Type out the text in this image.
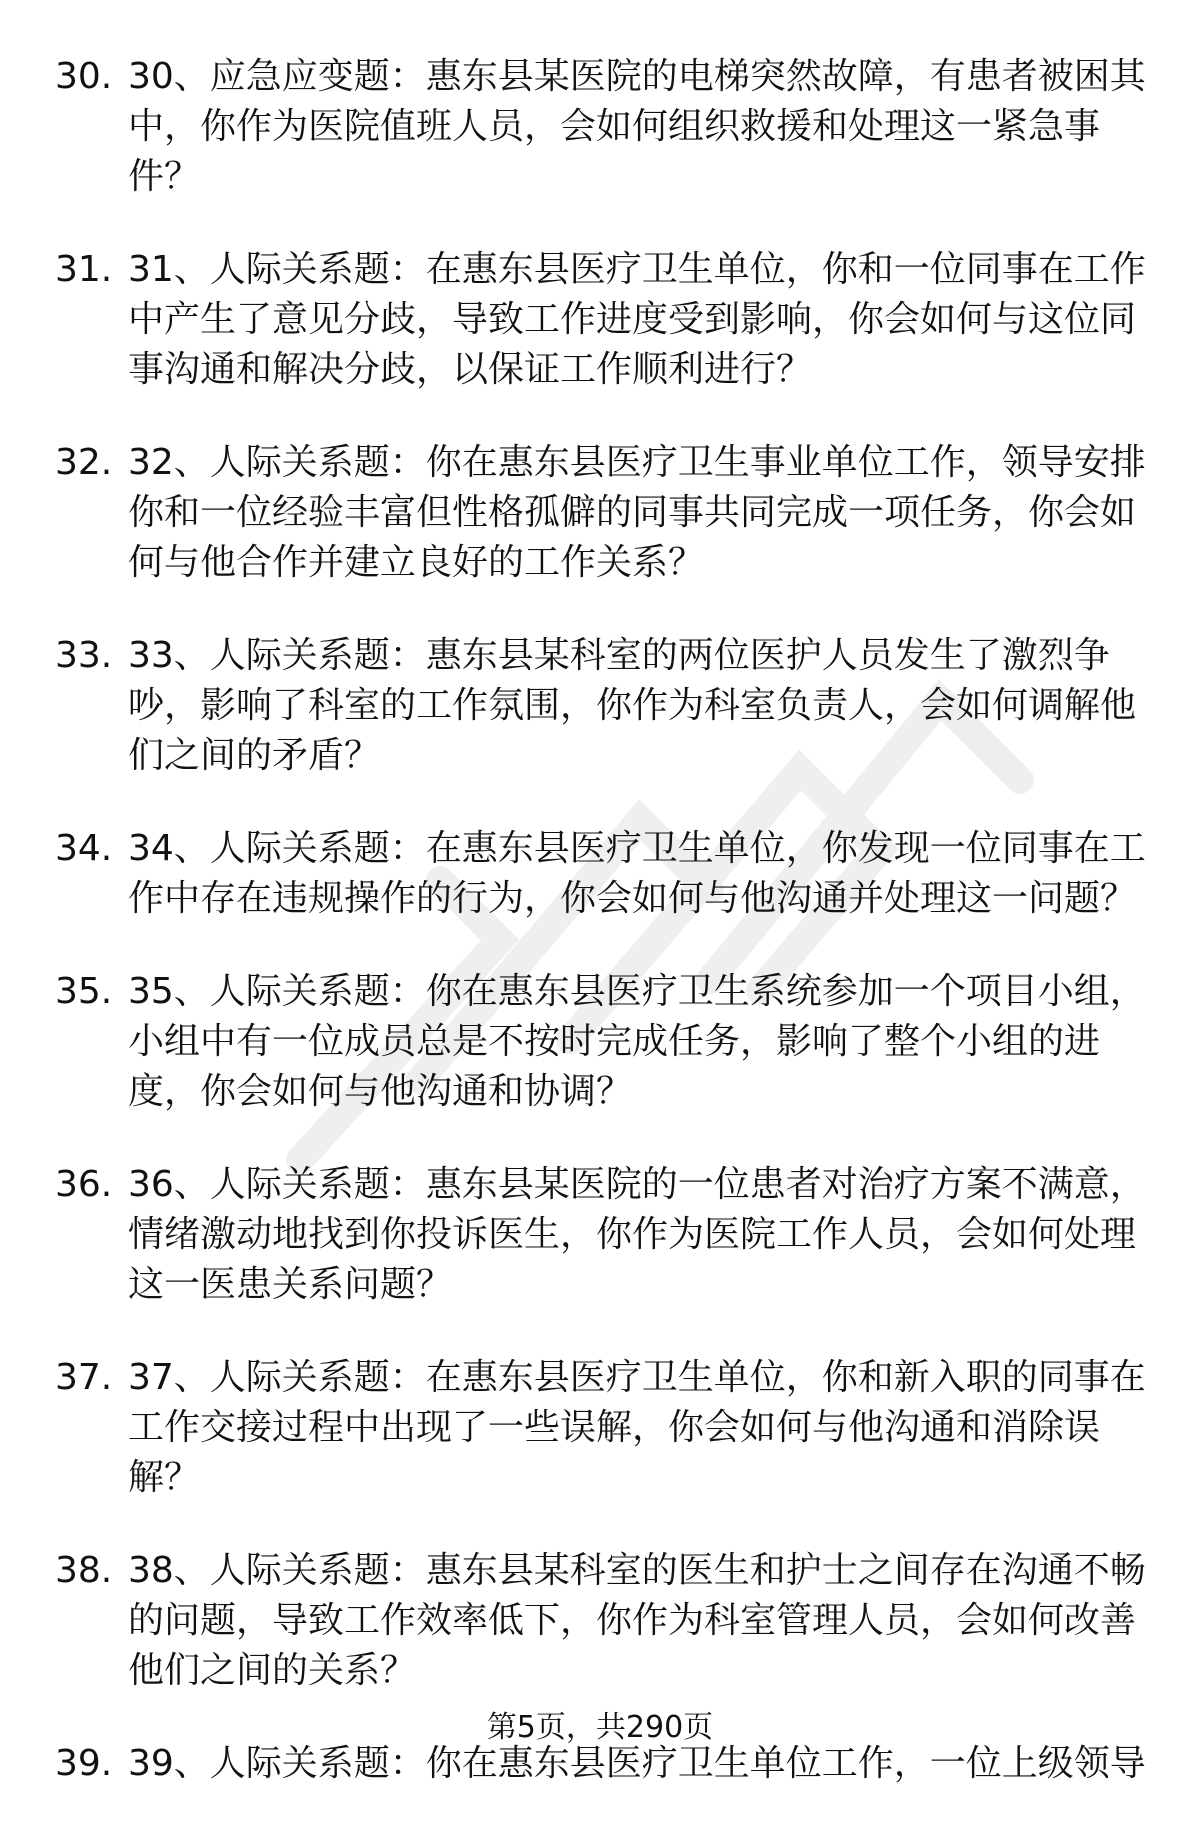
30. 30、应急应变题：惠东县某医院的电梯突然故障，有患者被困其中，你作为医院值班人员，会如何组织救援和处理这一紧急事件？
31. 31、人际关系题：在惠东县医疗卫生单位，你和一位同事在工作中产生了意见分歧，导致工作进度受到影响，你会如何与这位同事沟通和解决分歧，以保证工作顺利进行？
32. 32、人际关系题：你在惠东县医疗卫生事业单位工作，领导安排你和一位经验丰富但性格孤僻的同事共同完成一项任务，你会如何与他合作并建立良好的工作关系？
33. 33、人际关系题：惠东县某科室的两位医护人员发生了激烈争吵，影响了科室的工作氛围，你作为科室负责人，会如何调解他们之间的矛盾？
34. 34、人际关系题：在惠东县医疗卫生单位，你发现一位同事在工作中存在违规操作的行为，你会如何与他沟通并处理这一问题？
35. 35、人际关系题：你在惠东县医疗卫生系统参加一个项目小组，小组中有一位成员总是不按时完成任务，影响了整个小组的进度，你会如何与他沟通和协调？
36. 36、人际关系题：惠东县某医院的一位患者对治疗方案不满意，情绪激动地找到你投诉医生，你作为医院工作人员，会如何处理这一医患关系问题？
37. 37、人际关系题：在惠东县医疗卫生单位，你和新入职的同事在工作交接过程中出现了一些误解，你会如何与他沟通和消除误解？
38. 38、人际关系题：惠东县某科室的医生和护士之间存在沟通不畅的问题，导致工作效率低下，你作为科室管理人员，会如何改善他们之间的关系？
39. 39、人际关系题：你在惠东县医疗卫生单位工作，一位上级领导
第5页，共290页
